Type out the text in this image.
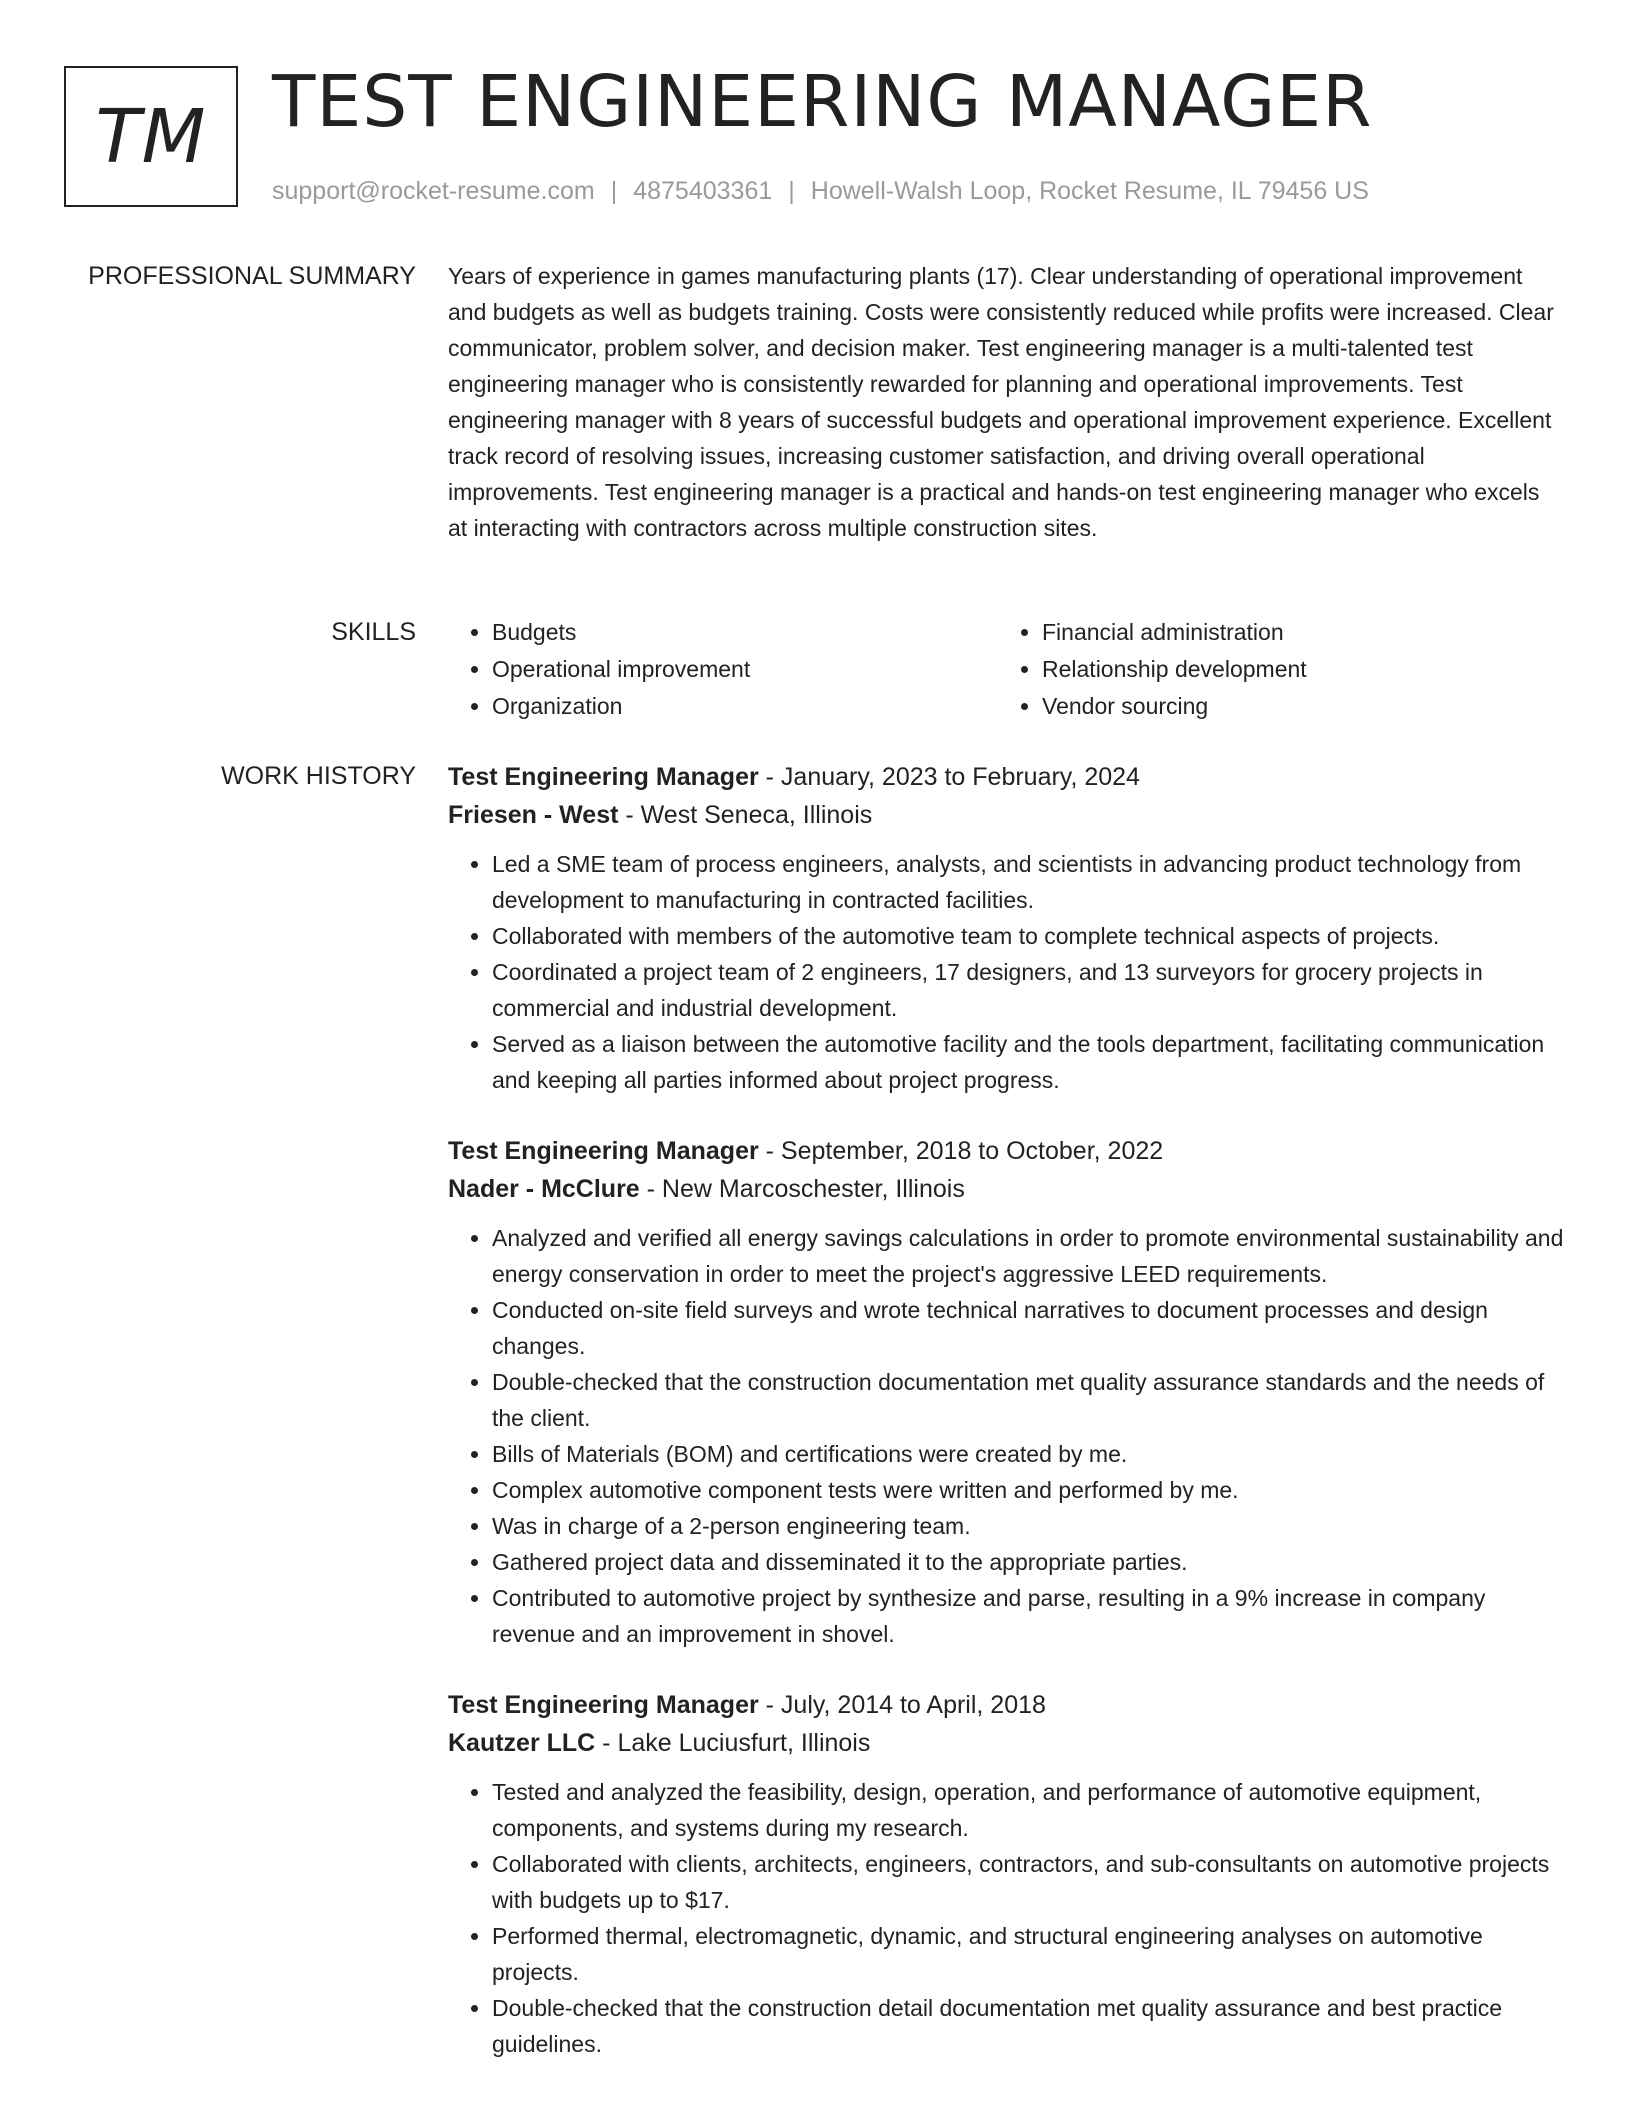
TM TEST ENGINEERING MANAGER
support@rocket-resume.com | 4875403361 | Howell-Walsh Loop, Rocket Resume, IL 79456 US
PROFESSIONAL SUMMARY Years of experience in games manufacturing plants (17). Clear understanding of operational improvement and budgets as well as budgets training. Costs were consistently reduced while profits were increased. Clear communicator, problem solver, and decision maker. Test engineering manager is a multi-talented test engineering manager who is consistently rewarded for planning and operational improvements. Test engineering manager with 8 years of successful budgets and operational improvement experience. Excellent track record of resolving issues, increasing customer satisfaction, and driving overall operational improvements. Test engineering manager is a practical and hands-on test engineering manager who excels at interacting with contractors across multiple construction sites.

SKILLS
•	Budgets
• Operational improvement
• Organization
• Financial administration
• Relationship development
• Vendor sourcing
WORK HISTORY Test Engineering Manager - January, 2023 to February, 2024
Friesen - West - West Seneca, Illinois
• Led a SME team of process engineers, analysts, and scientists in advancing product technology from development to manufacturing in contracted facilities.
• Collaborated with members of the automotive team to complete technical aspects of projects.
• Coordinated a project team of 2 engineers, 17 designers, and 13 surveyors for grocery projects in commercial and industrial development.
• Served as a liaison between the automotive facility and the tools department, facilitating communication and keeping all parties informed about project progress.
Test Engineering Manager - September, 2018 to October, 2022
Nader - McClure - New Marcoschester, Illinois
• Analyzed and verified all energy savings calculations in order to promote environmental sustainability and energy conservation in order to meet the project's aggressive LEED requirements.
• Conducted on-site field surveys and wrote technical narratives to document processes and design changes.
• Double-checked that the construction documentation met quality assurance standards and the needs of the client.
• Bills of Materials (BOM) and certifications were created by me.
• Complex automotive component tests were written and performed by me.
• Was in charge of a 2-person engineering team.
• Gathered project data and disseminated it to the appropriate parties.
• Contributed to automotive project by synthesize and parse, resulting in a 9% increase in company revenue and an improvement in shovel.
Test Engineering Manager - July, 2014 to April, 2018
Kautzer LLC - Lake Luciusfurt, Illinois
• Tested and analyzed the feasibility, design, operation, and performance of automotive equipment, components, and systems during my research.
• Collaborated with clients, architects, engineers, contractors, and sub-consultants on automotive projects with budgets up to $17.
• Performed thermal, electromagnetic, dynamic, and structural engineering analyses on automotive projects.
• Double-checked that the construction detail documentation met quality assurance and best practice guidelines.
